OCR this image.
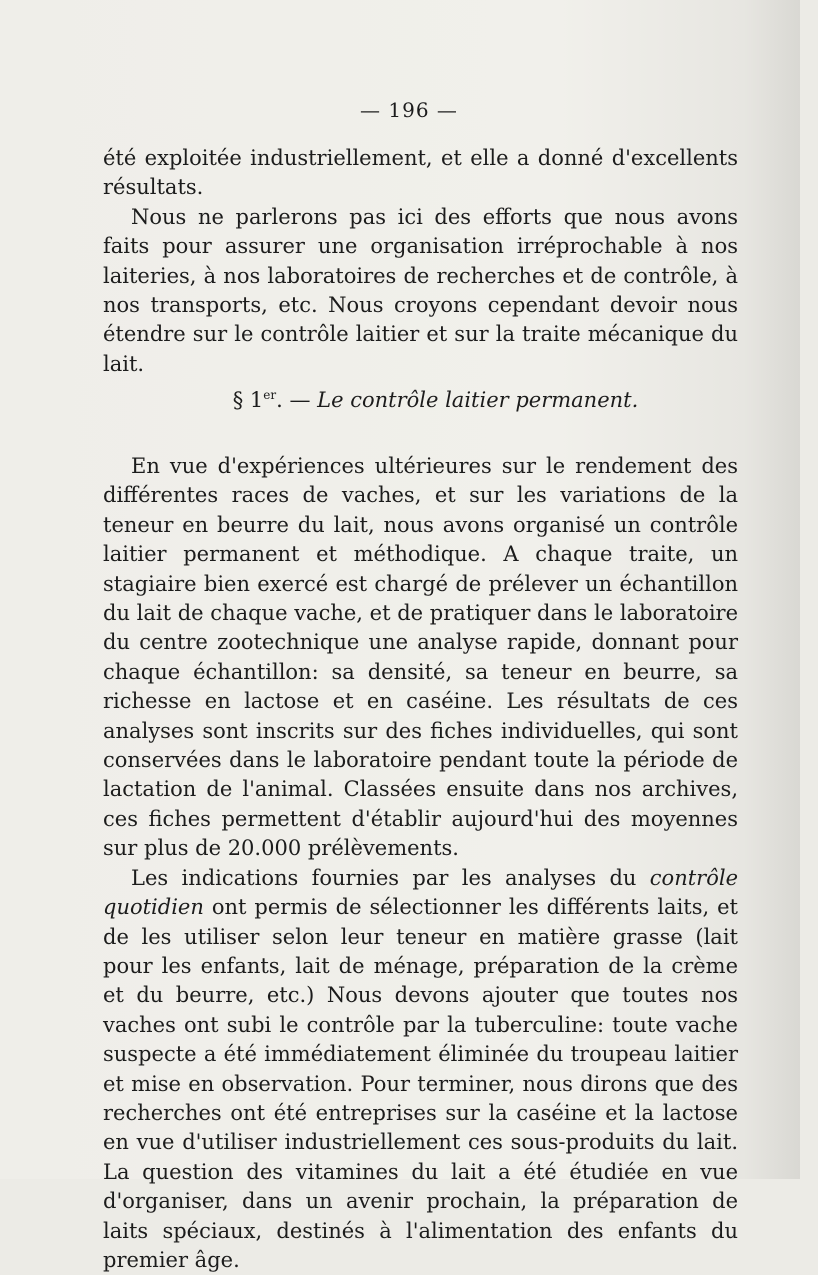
— 196 —

été exploitée industriellement, et elle a donné d'excellents résultats.

Nous ne parlerons pas ici des efforts que nous avons faits pour assurer une organisation irréprochable à nos laiteries, à nos laboratoires de recherches et de contrôle, à nos transports, etc. Nous croyons cependant devoir nous étendre sur le contrôle laitier et sur la traite mécanique du lait.

§ 1er. — Le contrôle laitier permanent.

En vue d'expériences ultérieures sur le rendement des différentes races de vaches, et sur les variations de la teneur en beurre du lait, nous avons organisé un contrôle laitier permanent et méthodique. A chaque traite, un stagiaire bien exercé est chargé de prélever un échantillon du lait de chaque vache, et de pratiquer dans le laboratoire du centre zootechnique une analyse rapide, donnant pour chaque échantillon: sa densité, sa teneur en beurre, sa richesse en lactose et en caséine. Les résultats de ces analyses sont inscrits sur des fiches individuelles, qui sont conservées dans le laboratoire pendant toute la période de lactation de l'animal. Classées ensuite dans nos archives, ces fiches permettent d'établir aujourd'hui des moyennes sur plus de 20.000 prélèvements.

Les indications fournies par les analyses du contrôle quotidien ont permis de sélectionner les différents laits, et de les utiliser selon leur teneur en matière grasse (lait pour les enfants, lait de ménage, préparation de la crème et du beurre, etc.) Nous devons ajouter que toutes nos vaches ont subi le contrôle par la tuberculine: toute vache suspecte a été immédiatement éliminée du troupeau laitier et mise en observation. Pour terminer, nous dirons que des recherches ont été entreprises sur la caséine et la lactose en vue d'utiliser industriellement ces sous-produits du lait. La question des vitamines du lait a été étudiée en vue d'organiser, dans un avenir prochain, la préparation de laits spéciaux, destinés à l'alimentation des enfants du premier âge.
